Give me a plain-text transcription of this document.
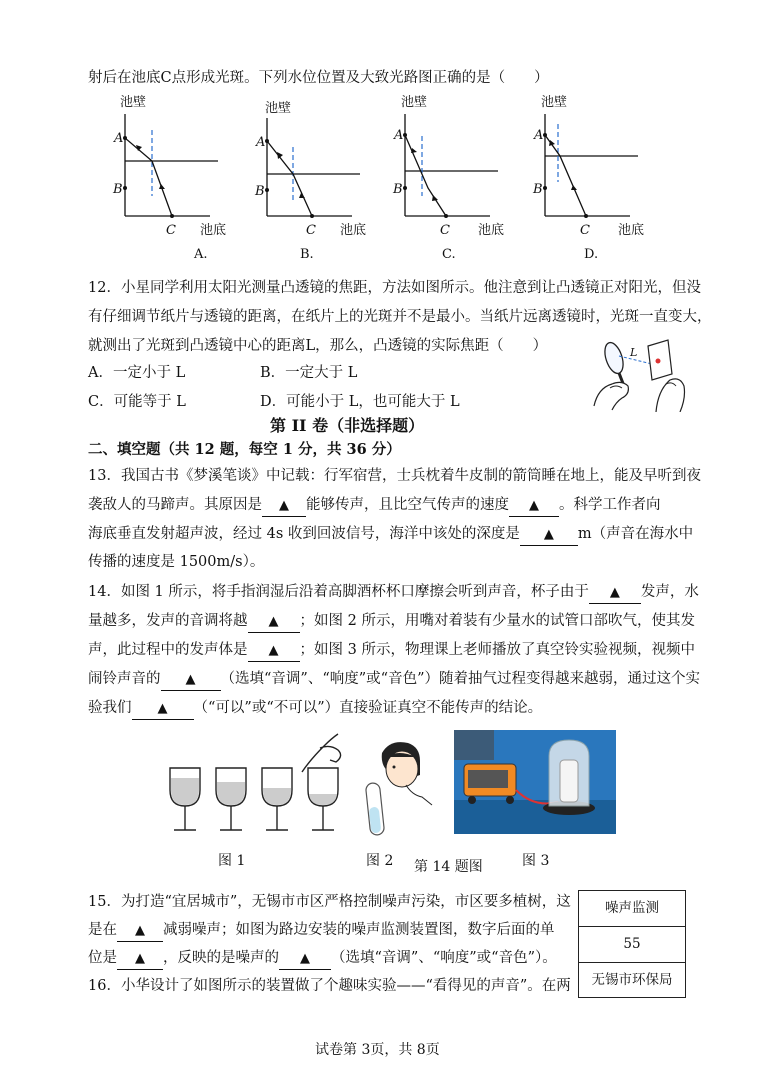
射后在池底C点形成光斑。下列水位位置及大致光路图正确的是（　　）
池壁
A
B
C 池底
A.
池壁
A
B
C 池底
B.
池壁
A
B
C 池底
C.
池壁
A
B
C 池底
D.
12．小星同学利用太阳光测量凸透镜的焦距，方法如图所示。他注意到让凸透镜正对阳光，但没
有仔细调节纸片与透镜的距离，在纸片上的光斑并不是最小。当纸片远离透镜时，光斑一直变大，
就测出了光斑到凸透镜中心的距离L，那么，凸透镜的实际焦距（　　）
A．一定小于 L	B．一定大于 L
C．可能等于 L	D．可能小于 L，也可能大于 L
L
第 II 卷（非选择题）
二、填空题（共 12 题，每空 1 分，共 36 分）
13．我国古书《梦溪笔谈》中记载：行军宿营，士兵枕着牛皮制的箭筒睡在地上，能及早听到夜
袭敌人的马蹄声。其原因是 ▲ 能够传声，且比空气传声的速度 ▲ 。科学工作者向
海底垂直发射超声波，经过 4s 收到回波信号，海洋中该处的深度是 ▲ m（声音在海水中
传播的速度是 1500m/s）。
14．如图 1 所示，将手指润湿后沿着高脚酒杯杯口摩擦会听到声音，杯子由于 ▲ 发声，水
量越多，发声的音调将越 ▲ ；如图 2 所示，用嘴对着装有少量水的试管口部吹气，使其发
声，此过程中的发声体是 ▲ ；如图 3 所示，物理课上老师播放了真空铃实验视频，视频中
闹铃声音的 ▲ （选填“音调”、“响度”或“音色”）随着抽气过程变得越来越弱，通过这个实
验我们 ▲ （“可以”或“不可以”）直接验证真空不能传声的结论。
图 1	图 2 第 14 题图	图 3
15．为打造“宜居城市”，无锡市市区严格控制噪声污染，市区要多植树，这
是在 ▲ 减弱噪声；如图为路边安装的噪声监测装置图，数字后面的单
位是 ▲ ，反映的是噪声的 ▲ （选填“音调”、“响度”或“音色”）。
噪声监测
55
无锡市环保局
16．小华设计了如图所示的装置做了个趣味实验——“看得见的声音”。在两
试卷第 3页，共 8页
